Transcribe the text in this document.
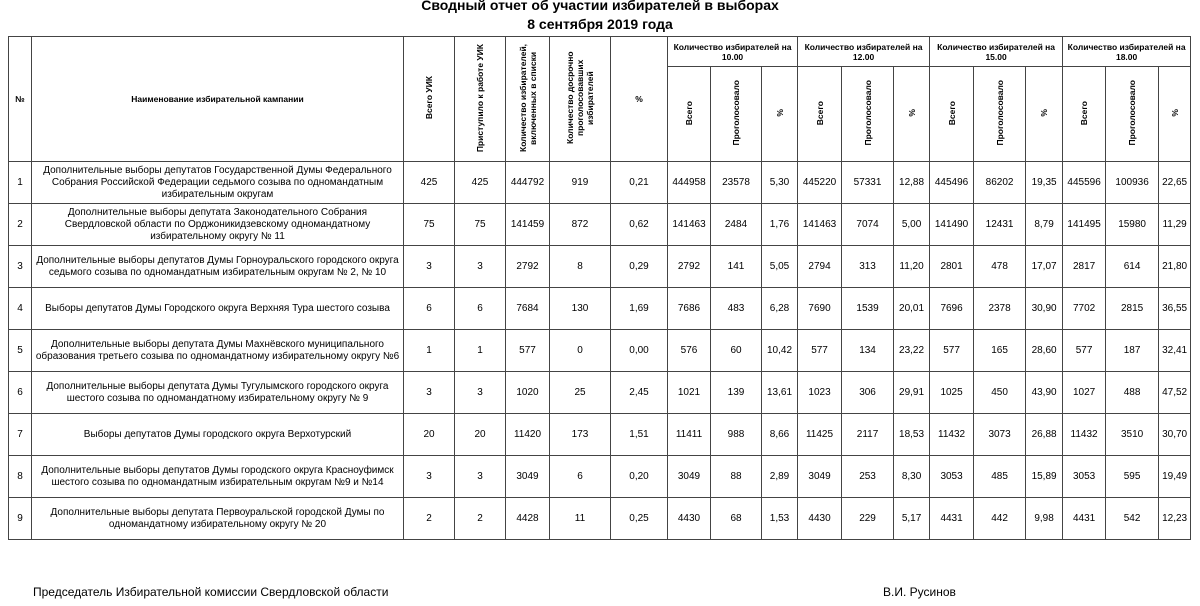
Сводный отчет об участии избирателей в выборах
8 сентября 2019 года
№	Наименование избирательной кампании	Всего УИК	Приступило к работе УИК	Количество избирателей, включенных в списки	Количество досрочно проголосовавших избирателей	%	Количество избирателей на 10.00			Количество избирателей на 12.00			Количество избирателей на 15.00			Количество избирателей на 18.00		
							Всего	Проголосовало	%	Всего	Проголосовало	%	Всего	Проголосовало	%	Всего	Проголосовало	%
1	Дополнительные выборы депутатов Государственной Думы Федерального Собрания Российской Федерации седьмого созыва по одномандатным избирательным округам	425	425	444792	919	0,21	444958	23578	5,30	445220	57331	12,88	445496	86202	19,35	445596	100936	22,65
2	Дополнительные выборы депутата Законодательного Собрания Свердловской области по Орджоникидзевскому одномандатному избирательному округу № 11	75	75	141459	872	0,62	141463	2484	1,76	141463	7074	5,00	141490	12431	8,79	141495	15980	11,29
3	Дополнительные выборы депутатов Думы Горноуральского городского округа седьмого созыва по одномандатным избирательным округам № 2, № 10	3	3	2792	8	0,29	2792	141	5,05	2794	313	11,20	2801	478	17,07	2817	614	21,80
4	Выборы депутатов Думы Городского округа Верхняя Тура шестого созыва	6	6	7684	130	1,69	7686	483	6,28	7690	1539	20,01	7696	2378	30,90	7702	2815	36,55
5	Дополнительные выборы депутата Думы Махнёвского муниципального образования третьего созыва по одномандатному избирательному округу №6	1	1	577	0	0,00	576	60	10,42	577	134	23,22	577	165	28,60	577	187	32,41
6	Дополнительные выборы депутата Думы Тугулымского городского округа шестого созыва по одномандатному избирательному округу № 9	3	3	1020	25	2,45	1021	139	13,61	1023	306	29,91	1025	450	43,90	1027	488	47,52
7	Выборы депутатов Думы городского округа Верхотурский	20	20	11420	173	1,51	11411	988	8,66	11425	2117	18,53	11432	3073	26,88	11432	3510	30,70
8	Дополнительные выборы депутатов Думы городского округа Красноуфимск шестого созыва по одномандатным избирательным округам №9 и №14	3	3	3049	6	0,20	3049	88	2,89	3049	253	8,30	3053	485	15,89	3053	595	19,49
9	Дополнительные выборы депутата Первоуральской городской Думы по одномандатному избирательному округу № 20	2	2	4428	11	0,25	4430	68	1,53	4430	229	5,17	4431	442	9,98	4431	542	12,23
Председатель Избирательной комиссии Свердловской области	В.И. Русинов
